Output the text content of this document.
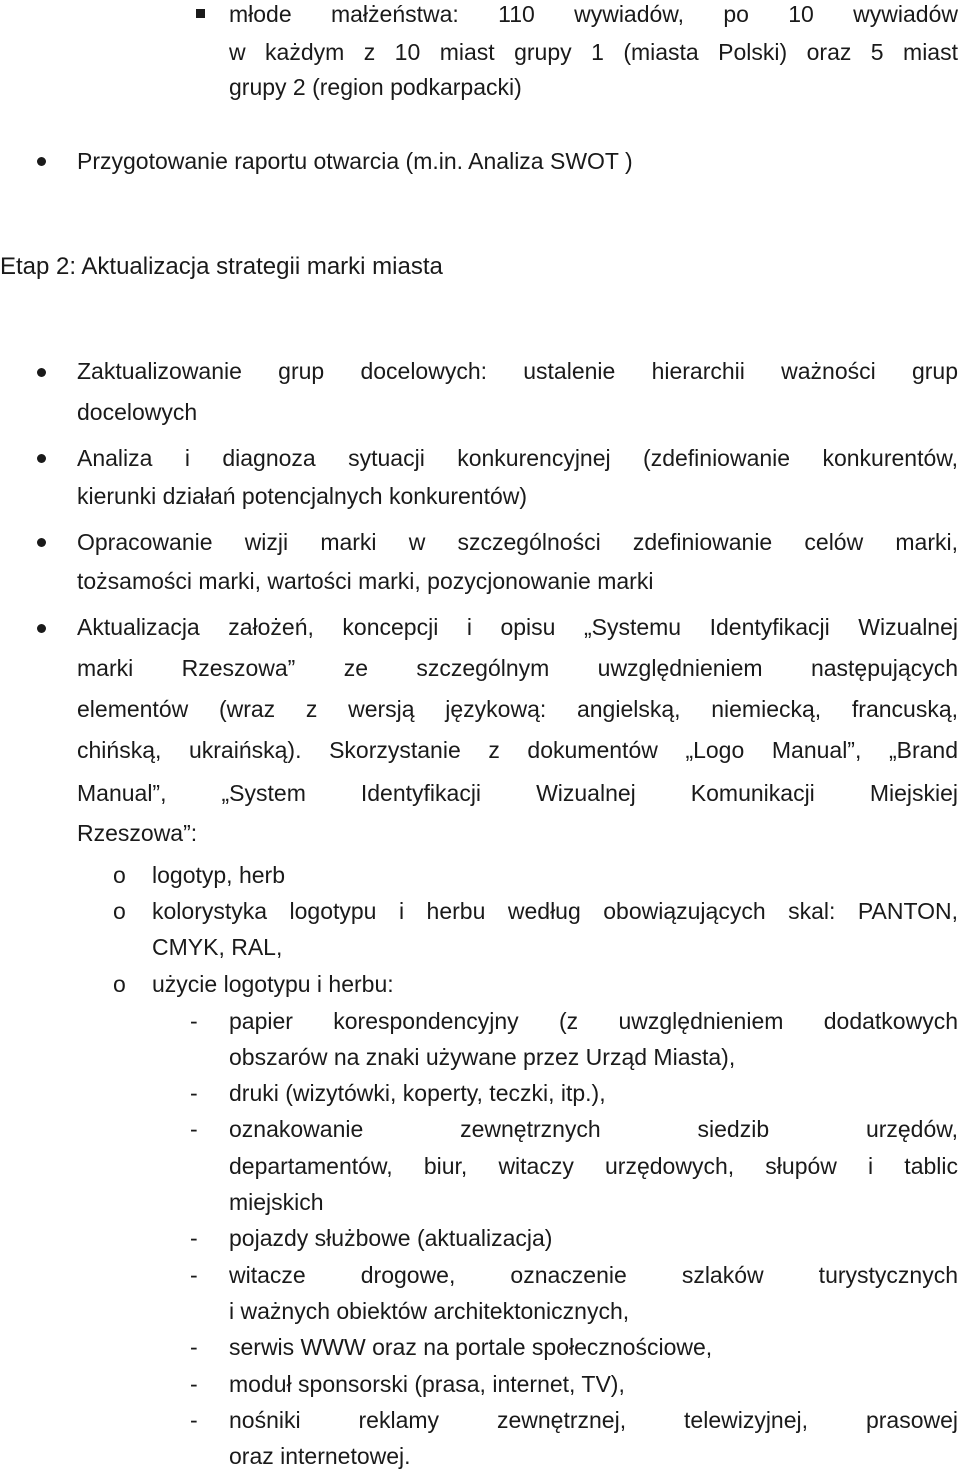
młode małżeństwa: 110 wywiadów, po 10 wywiadów
w każdym z 10 miast grupy 1 (miasta Polski) oraz 5 miast
grupy 2 (region podkarpacki)
Przygotowanie raportu otwarcia (m.in. Analiza SWOT )
Etap 2: Aktualizacja strategii marki miasta
Zaktualizowanie grup docelowych: ustalenie hierarchii ważności grup
docelowych
Analiza i diagnoza sytuacji konkurencyjnej (zdefiniowanie konkurentów,
kierunki działań potencjalnych konkurentów)
Opracowanie wizji marki w szczególności zdefiniowanie celów marki,
tożsamości marki, wartości marki, pozycjonowanie marki
Aktualizacja założeń, koncepcji i opisu „Systemu Identyfikacji Wizualnej
marki Rzeszowa” ze szczególnym uwzględnieniem następujących
elementów (wraz z wersją językową: angielską, niemiecką, francuską,
chińską, ukraińską). Skorzystanie z dokumentów „Logo Manual”, „Brand
Manual”, „System Identyfikacji Wizualnej Komunikacji Miejskiej
Rzeszowa”:
o logotyp, herb
o kolorystyka logotypu i herbu według obowiązujących skal: PANTON,
CMYK, RAL,
o użycie logotypu i herbu:
- papier korespondencyjny (z uwzględnieniem dodatkowych
obszarów na znaki używane przez Urząd Miasta),
- druki (wizytówki, koperty, teczki, itp.),
- oznakowanie zewnętrznych siedzib urzędów,
departamentów, biur, witaczy urzędowych, słupów i tablic
miejskich
- pojazdy służbowe (aktualizacja)
- witacze drogowe, oznaczenie szlaków turystycznych
i ważnych obiektów architektonicznych,
- serwis WWW oraz na portale społecznościowe,
- moduł sponsorski (prasa, internet, TV),
- nośniki reklamy zewnętrznej, telewizyjnej, prasowej
oraz internetowej.
